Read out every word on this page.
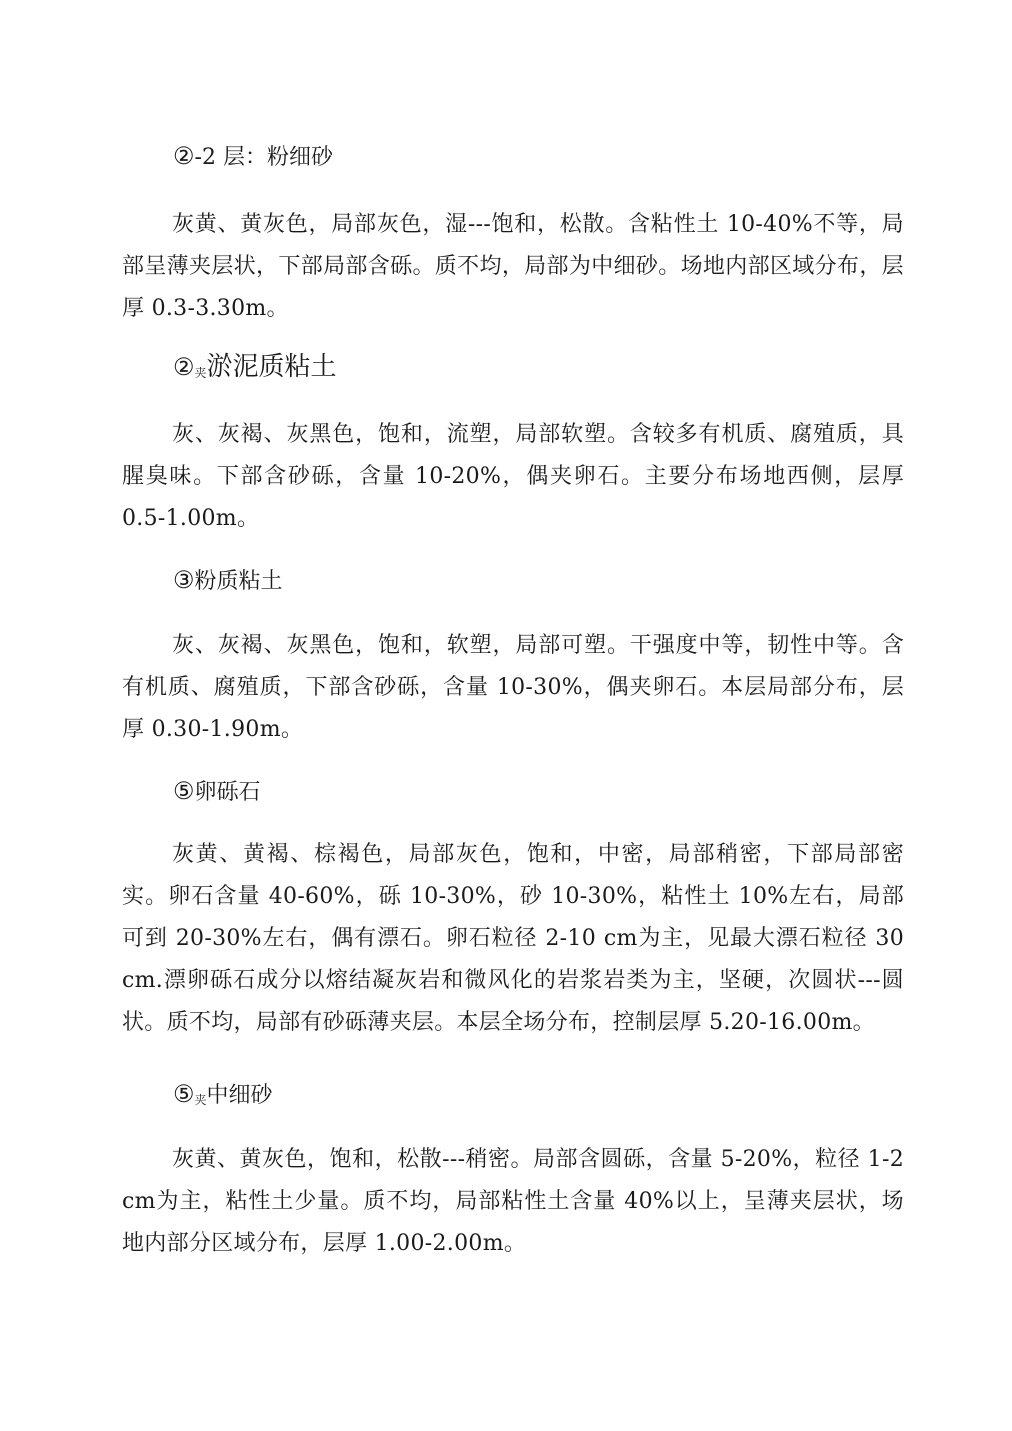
②-2 层：粉细砂

灰黄、黄灰色，局部灰色，湿---饱和，松散。含粘性土 10-40%不等，局部呈薄夹层状，下部局部含砾。质不均，局部为中细砂。场地内部区域分布，层厚 0.3-3.30m。

②夹淤泥质粘土

灰、灰褐、灰黑色，饱和，流塑，局部软塑。含较多有机质、腐殖质，具腥臭味。下部含砂砾，含量 10-20%，偶夹卵石。主要分布场地西侧，层厚 0.5-1.00m。

③粉质粘土

灰、灰褐、灰黑色，饱和，软塑，局部可塑。干强度中等，韧性中等。含有机质、腐殖质，下部含砂砾，含量 10-30%，偶夹卵石。本层局部分布，层厚 0.30-1.90m。

⑤卵砾石

灰黄、黄褐、棕褐色，局部灰色，饱和，中密，局部稍密，下部局部密实。卵石含量 40-60%，砾 10-30%，砂 10-30%，粘性土 10%左右，局部可到 20-30%左右，偶有漂石。卵石粒径 2-10 cm为主，见最大漂石粒径 30 cm.漂卵砾石成分以熔结凝灰岩和微风化的岩浆岩类为主，坚硬，次圆状---圆状。质不均，局部有砂砾薄夹层。本层全场分布，控制层厚 5.20-16.00m。

⑤夹中细砂

灰黄、黄灰色，饱和，松散---稍密。局部含圆砾，含量 5-20%，粒径 1-2 cm为主，粘性土少量。质不均，局部粘性土含量 40%以上，呈薄夹层状，场地内部分区域分布，层厚 1.00-2.00m。
